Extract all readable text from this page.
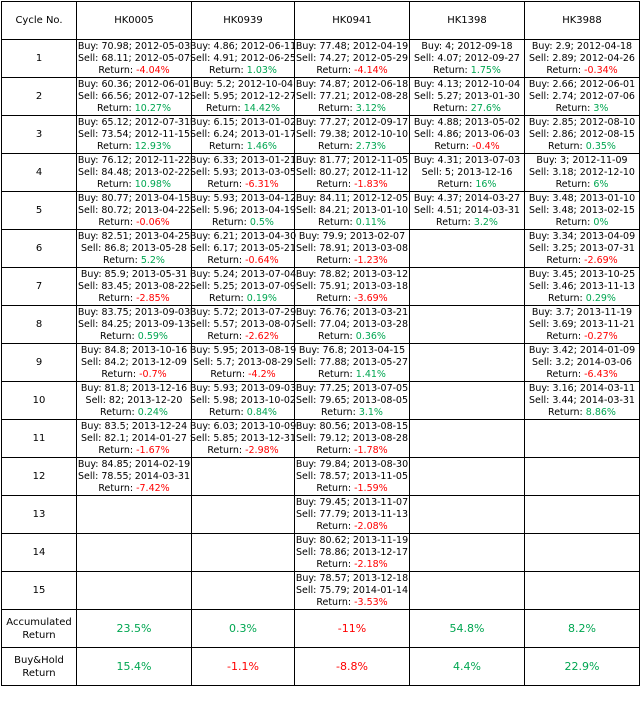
Cycle No.	HK0005	HK0939	HK0941	HK1398	HK3988
1	Buy: 70.98; 2012-05-03
Sell: 68.11; 2012-05-07
Return: -4.04%	Buy: 4.86; 2012-06-11
Sell: 4.91; 2012-06-25
Return: 1.03%	Buy: 77.48; 2012-04-19
Sell: 74.27; 2012-05-29
Return: -4.14%	Buy: 4; 2012-09-18
Sell: 4.07; 2012-09-27
Return: 1.75%	Buy: 2.9; 2012-04-18
Sell: 2.89; 2012-04-26
Return: -0.34%

2	Buy: 60.36; 2012-06-01
Sell: 66.56; 2012-07-12
Return: 10.27%	Buy: 5.2; 2012-10-04
Sell: 5.95; 2012-12-27
Return: 14.42%	Buy: 74.87; 2012-06-18
Sell: 77.21; 2012-08-28
Return: 3.12%	Buy: 4.13; 2012-10-04
Sell: 5.27; 2013-01-30
Return: 27.6%	Buy: 2.66; 2012-06-01
Sell: 2.74; 2012-07-06
Return: 3%

3	Buy: 65.12; 2012-07-31
Sell: 73.54; 2012-11-15
Return: 12.93%	Buy: 6.15; 2013-01-02
Sell: 6.24; 2013-01-17
Return: 1.46%	Buy: 77.27; 2012-09-17
Sell: 79.38; 2012-10-10
Return: 2.73%	Buy: 4.88; 2013-05-02
Sell: 4.86; 2013-06-03
Return: -0.4%	Buy: 2.85; 2012-08-10
Sell: 2.86; 2012-08-15
Return: 0.35%

4	Buy: 76.12; 2012-11-22
Sell: 84.48; 2013-02-22
Return: 10.98%	Buy: 6.33; 2013-01-21
Sell: 5.93; 2013-03-05
Return: -6.31%	Buy: 81.77; 2012-11-05
Sell: 80.27; 2012-11-12
Return: -1.83%	Buy: 4.31; 2013-07-03
Sell: 5; 2013-12-16
Return: 16%	Buy: 3; 2012-11-09
Sell: 3.18; 2012-12-10
Return: 6%

5	Buy: 80.77; 2013-04-15
Sell: 80.72; 2013-04-22
Return: -0.06%	Buy: 5.93; 2013-04-12
Sell: 5.96; 2013-04-19
Return: 0.5%	Buy: 84.11; 2012-12-05
Sell: 84.21; 2013-01-10
Return: 0.11%	Buy: 4.37; 2014-03-27
Sell: 4.51; 2014-03-31
Return: 3.2%	Buy: 3.48; 2013-01-10
Sell: 3.48; 2013-02-15
Return: 0%

6	Buy: 82.51; 2013-04-25
Sell: 86.8; 2013-05-28
Return: 5.2%	Buy: 6.21; 2013-04-30
Sell: 6.17; 2013-05-21
Return: -0.64%	Buy: 79.9; 2013-02-07
Sell: 78.91; 2013-03-08
Return: -1.23%		Buy: 3.34; 2013-04-09
Sell: 3.25; 2013-07-31
Return: -2.69%

7	Buy: 85.9; 2013-05-31
Sell: 83.45; 2013-08-22
Return: -2.85%	Buy: 5.24; 2013-07-04
Sell: 5.25; 2013-07-09
Return: 0.19%	Buy: 78.82; 2013-03-12
Sell: 75.91; 2013-03-18
Return: -3.69%		Buy: 3.45; 2013-10-25
Sell: 3.46; 2013-11-13
Return: 0.29%

8	Buy: 83.75; 2013-09-03
Sell: 84.25; 2013-09-13
Return: 0.59%	Buy: 5.72; 2013-07-29
Sell: 5.57; 2013-08-07
Return: -2.62%	Buy: 76.76; 2013-03-21
Sell: 77.04; 2013-03-28
Return: 0.36%		Buy: 3.7; 2013-11-19
Sell: 3.69; 2013-11-21
Return: -0.27%

9	Buy: 84.8; 2013-10-16
Sell: 84.2; 2013-12-09
Return: -0.7%	Buy: 5.95; 2013-08-19
Sell: 5.7; 2013-08-29
Return: -4.2%	Buy: 76.8; 2013-04-15
Sell: 77.88; 2013-05-27
Return: 1.41%		Buy: 3.42; 2014-01-09
Sell: 3.2; 2014-03-06
Return: -6.43%

10	Buy: 81.8; 2013-12-16
Sell: 82; 2013-12-20
Return: 0.24%	Buy: 5.93; 2013-09-03
Sell: 5.98; 2013-10-02
Return: 0.84%	Buy: 77.25; 2013-07-05
Sell: 79.65; 2013-08-05
Return: 3.1%		Buy: 3.16; 2014-03-11
Sell: 3.44; 2014-03-31
Return: 8.86%

11	Buy: 83.5; 2013-12-24
Sell: 82.1; 2014-01-27
Return: -1.67%	Buy: 6.03; 2013-10-09
Sell: 5.85; 2013-12-31
Return: -2.98%	Buy: 80.56; 2013-08-15
Sell: 79.12; 2013-08-28
Return: -1.78%		

12	Buy: 84.85; 2014-02-19
Sell: 78.55; 2014-03-31
Return: -7.42%		Buy: 79.84; 2013-08-30
Sell: 78.57; 2013-11-05
Return: -1.59%		

13			Buy: 79.45; 2013-11-07
Sell: 77.79; 2013-11-13
Return: -2.08%		

14			Buy: 80.62; 2013-11-19
Sell: 78.86; 2013-12-17
Return: -2.18%		

15			Buy: 78.57; 2013-12-18
Sell: 75.79; 2014-01-14
Return: -3.53%		

Accumulated
Return	23.5%	0.3%	-11%	54.8%	8.2%
Buy&Hold
Return	15.4%	-1.1%	-8.8%	4.4%	22.9%
